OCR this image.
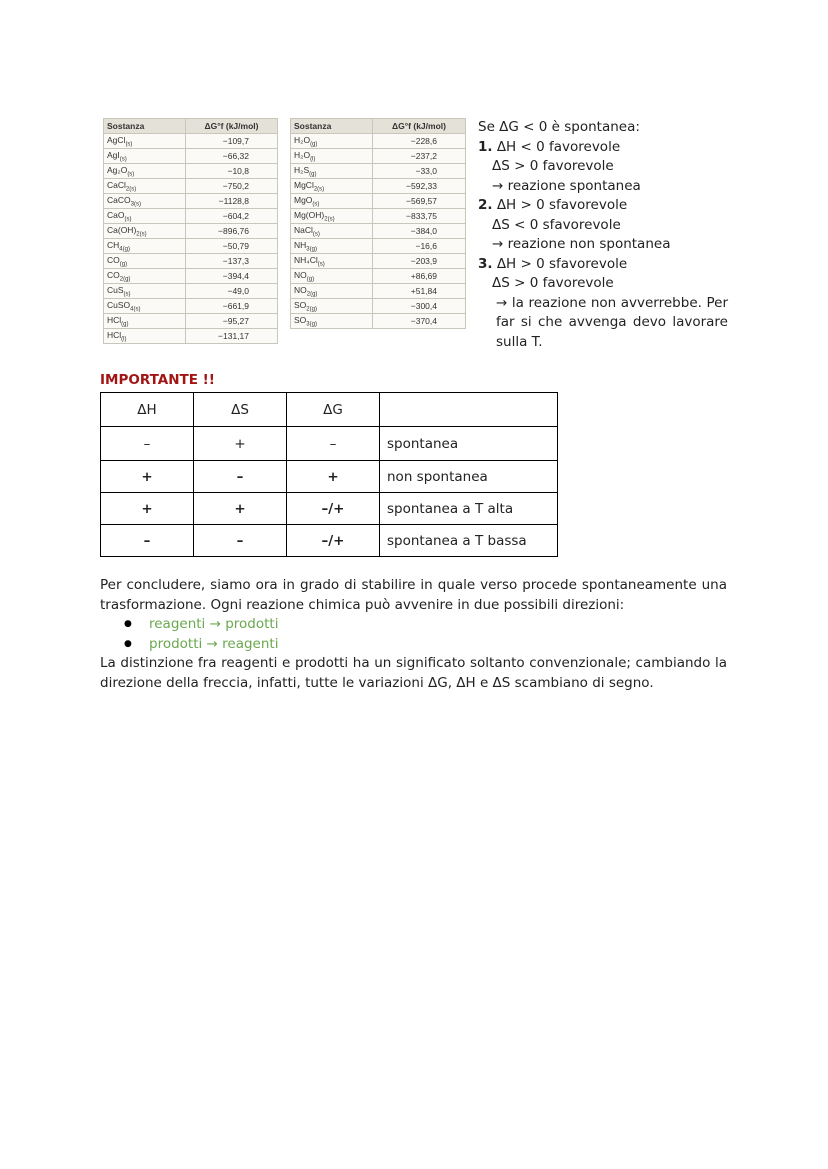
Sostanza	ΔG°f (kJ/mol)
AgCl$_{(s)}$	−109,7
AgI$_{(s)}$	−66,32
$Ag_2O_{(s)}$	−10,8
CaCl$_{2(s)}$	−750,2
CaCO$_{3(s)}$	−1128,8
CaO$_{(s)}$	−604,2
$Ca(OH)_{2(s)}$	−896,76
$CH_{4(g)}$	−50,79
$CO_{(g)}$	−137,3
$CO_{2(g)}$	−394,4
CuS$_{(s)}$	−49,0
CuSO$_{4(s)}$	−661,9
HCl$_{(g)}$	−95,27
HCl$_{(l)}$	−131,17
Sostanza	ΔG°f (kJ/mol)
$H_2O_{(g)}$	−228,6
$H_2O_{(l)}$	−237,2
$H_2S_{(g)}$	−33,0
MgCl$_{2(s)}$	−592,33
MgO$_{(s)}$	−569,57
$Mg(OH)_{2(s)}$	−833,75
NaCl$_{(s)}$	−384,0
$NH_{3(g)}$	−16,6
$NH_4Cl_{(s)}$	−203,9
$NO_{(g)}$	+86,69
$NO_{2(g)}$	+51,84
$SO_{2(g)}$	−300,4
$SO_{3(g)}$	−370,4
Se ΔG < 0 è spontanea:
1. ΔH < 0 favorevole
ΔS > 0 favorevole
→ reazione spontanea
2. ΔH > 0 sfavorevole
ΔS < 0 sfavorevole
→ reazione non spontanea
3. ΔH > 0 sfavorevole
ΔS > 0 favorevole
→ la reazione non avverrebbe. Per far si che avvenga devo lavorare sulla T.
IMPORTANTE !!
ΔH	ΔS	ΔG	
–	+	–	spontanea
+	–	+	non spontanea
+	+	–/+	spontanea a T alta
–	–	–/+	spontanea a T bassa
Per concludere, siamo ora in grado di stabilire in quale verso procede spontaneamente una trasformazione. Ogni reazione chimica può avvenire in due possibili direzioni:
● reagenti → prodotti
● prodotti → reagenti
La distinzione fra reagenti e prodotti ha un significato soltanto convenzionale; cambiando la direzione della freccia, infatti, tutte le variazioni ΔG, ΔH e ΔS scambiano di segno.
